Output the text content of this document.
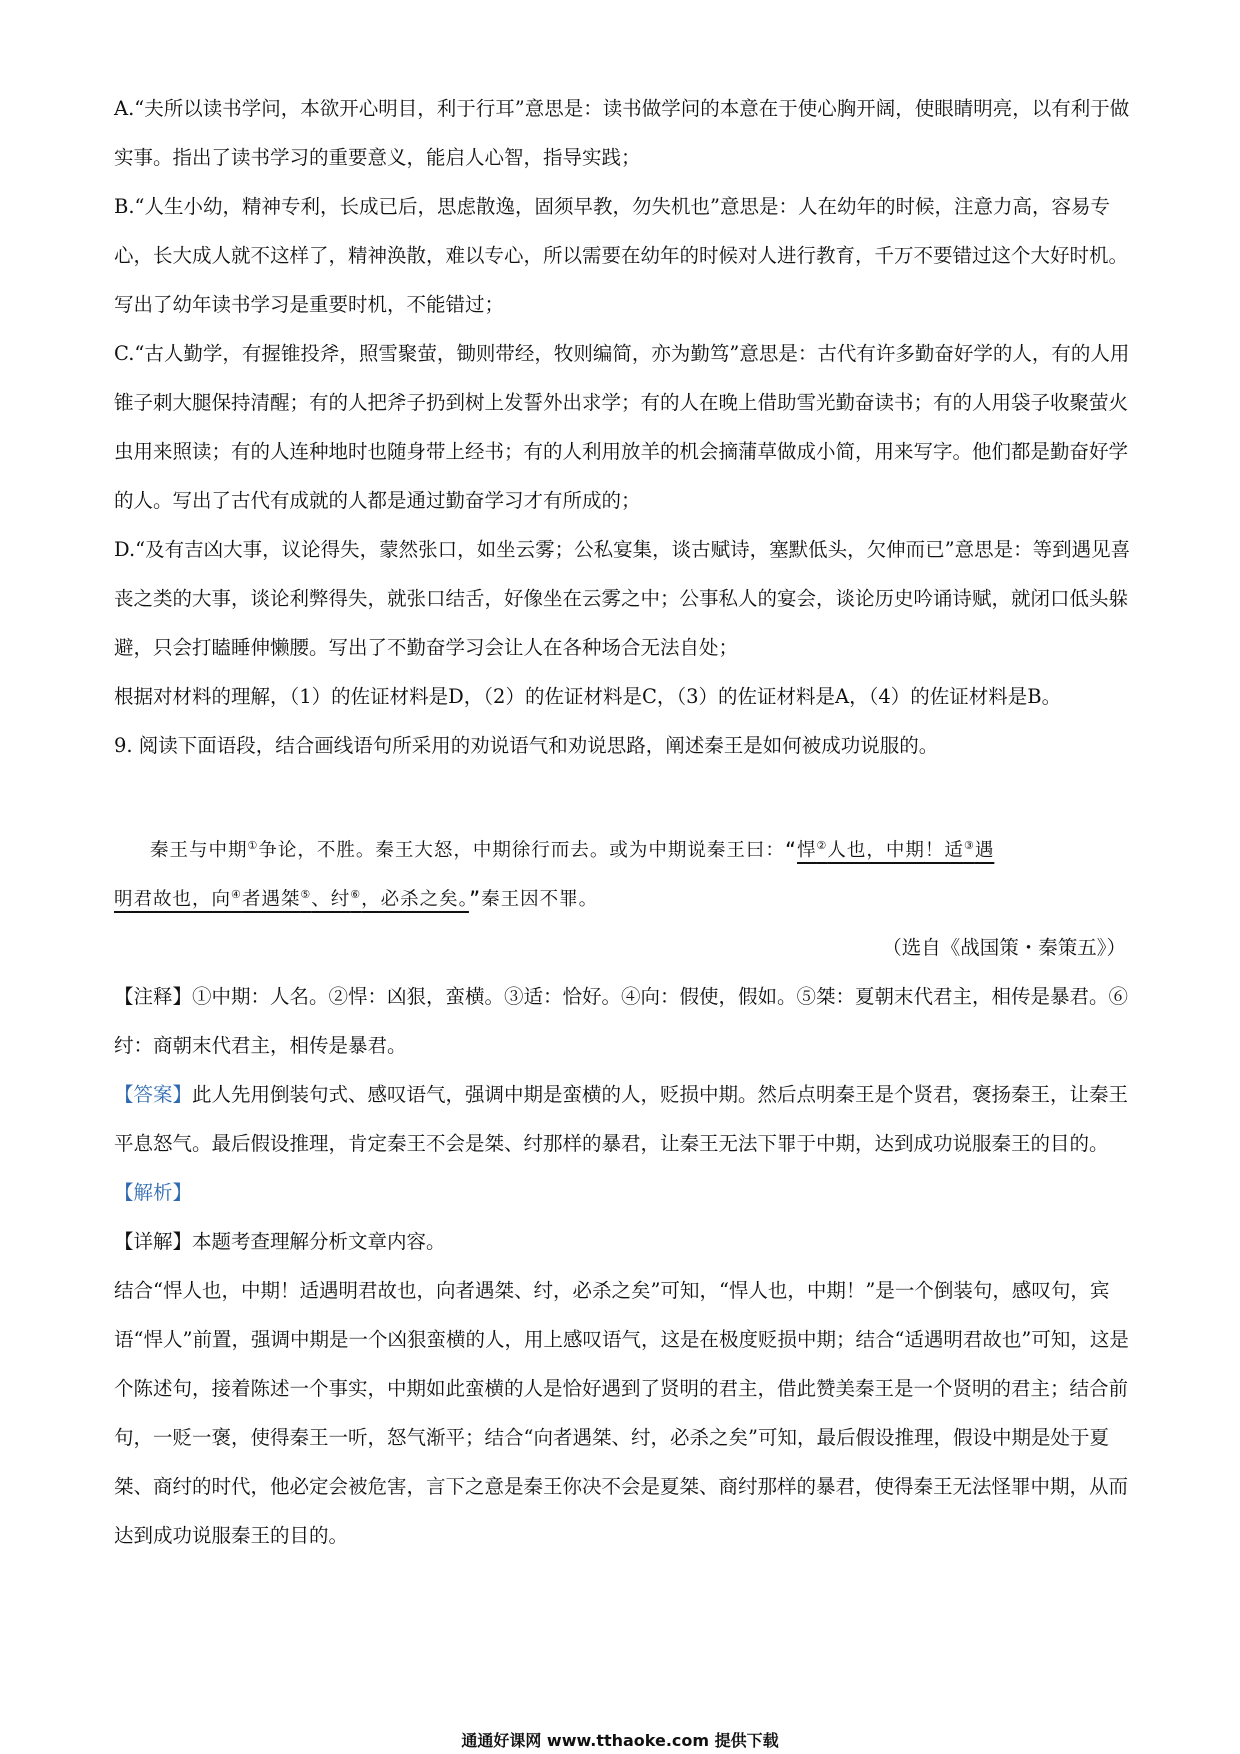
A.“夫所以读书学问，本欲开心明目，利于行耳”意思是：读书做学问的本意在于使心胸开阔，使眼睛明亮，以有利于做实事。指出了读书学习的重要意义，能启人心智，指导实践；

B.“人生小幼，精神专利，长成已后，思虑散逸，固须早教，勿失机也”意思是：人在幼年的时候，注意力高，容易专心，长大成人就不这样了，精神涣散，难以专心，所以需要在幼年的时候对人进行教育，千万不要错过这个大好时机。写出了幼年读书学习是重要时机，不能错过；

C.“古人勤学，有握锥投斧，照雪聚萤，锄则带经，牧则编简，亦为勤笃”意思是：古代有许多勤奋好学的人，有的人用锥子刺大腿保持清醒；有的人把斧子扔到树上发誓外出求学；有的人在晚上借助雪光勤奋读书；有的人用袋子收聚萤火虫用来照读；有的人连种地时也随身带上经书；有的人利用放羊的机会摘蒲草做成小简，用来写字。他们都是勤奋好学的人。写出了古代有成就的人都是通过勤奋学习才有所成的；

D.“及有吉凶大事，议论得失，蒙然张口，如坐云雾；公私宴集，谈古赋诗，塞默低头，欠伸而已”意思是：等到遇见喜丧之类的大事，谈论利弊得失，就张口结舌，好像坐在云雾之中；公事私人的宴会，谈论历史吟诵诗赋，就闭口低头躲避，只会打瞌睡伸懒腰。写出了不勤奋学习会让人在各种场合无法自处；

根据对材料的理解，（1）的佐证材料是D，（2）的佐证材料是C，（3）的佐证材料是A，（4）的佐证材料是B。

9. 阅读下面语段，结合画线语句所采用的劝说语气和劝说思路，阐述秦王是如何被成功说服的。

秦王与中期①争论，不胜。秦王大怒，中期徐行而去。或为中期说秦王曰：“悍②人也，中期！适③遇

明君故也，向④者遇桀⑤、纣⑥，必杀之矣。”秦王因不罪。

（选自《战国策・秦策五》）

【注释】①中期：人名。②悍：凶狠，蛮横。③适：恰好。④向：假使，假如。⑤桀：夏朝末代君主，相传是暴君。⑥纣：商朝末代君主，相传是暴君。

【答案】此人先用倒装句式、感叹语气，强调中期是蛮横的人，贬损中期。然后点明秦王是个贤君，褒扬秦王，让秦王平息怒气。最后假设推理，肯定秦王不会是桀、纣那样的暴君，让秦王无法下罪于中期，达到成功说服秦王的目的。

【解析】

【详解】本题考查理解分析文章内容。

结合“悍人也，中期！适遇明君故也，向者遇桀、纣，必杀之矣”可知，“悍人也，中期！”是一个倒装句，感叹句，宾语“悍人”前置，强调中期是一个凶狠蛮横的人，用上感叹语气，这是在极度贬损中期；结合“适遇明君故也”可知，这是个陈述句，接着陈述一个事实，中期如此蛮横的人是恰好遇到了贤明的君主，借此赞美秦王是一个贤明的君主；结合前句，一贬一褒，使得秦王一听，怒气渐平；结合“向者遇桀、纣，必杀之矣”可知，最后假设推理，假设中期是处于夏桀、商纣的时代，他必定会被危害，言下之意是秦王你决不会是夏桀、商纣那样的暴君，使得秦王无法怪罪中期，从而达到成功说服秦王的目的。

通通好课网 www.tthaoke.com 提供下载
